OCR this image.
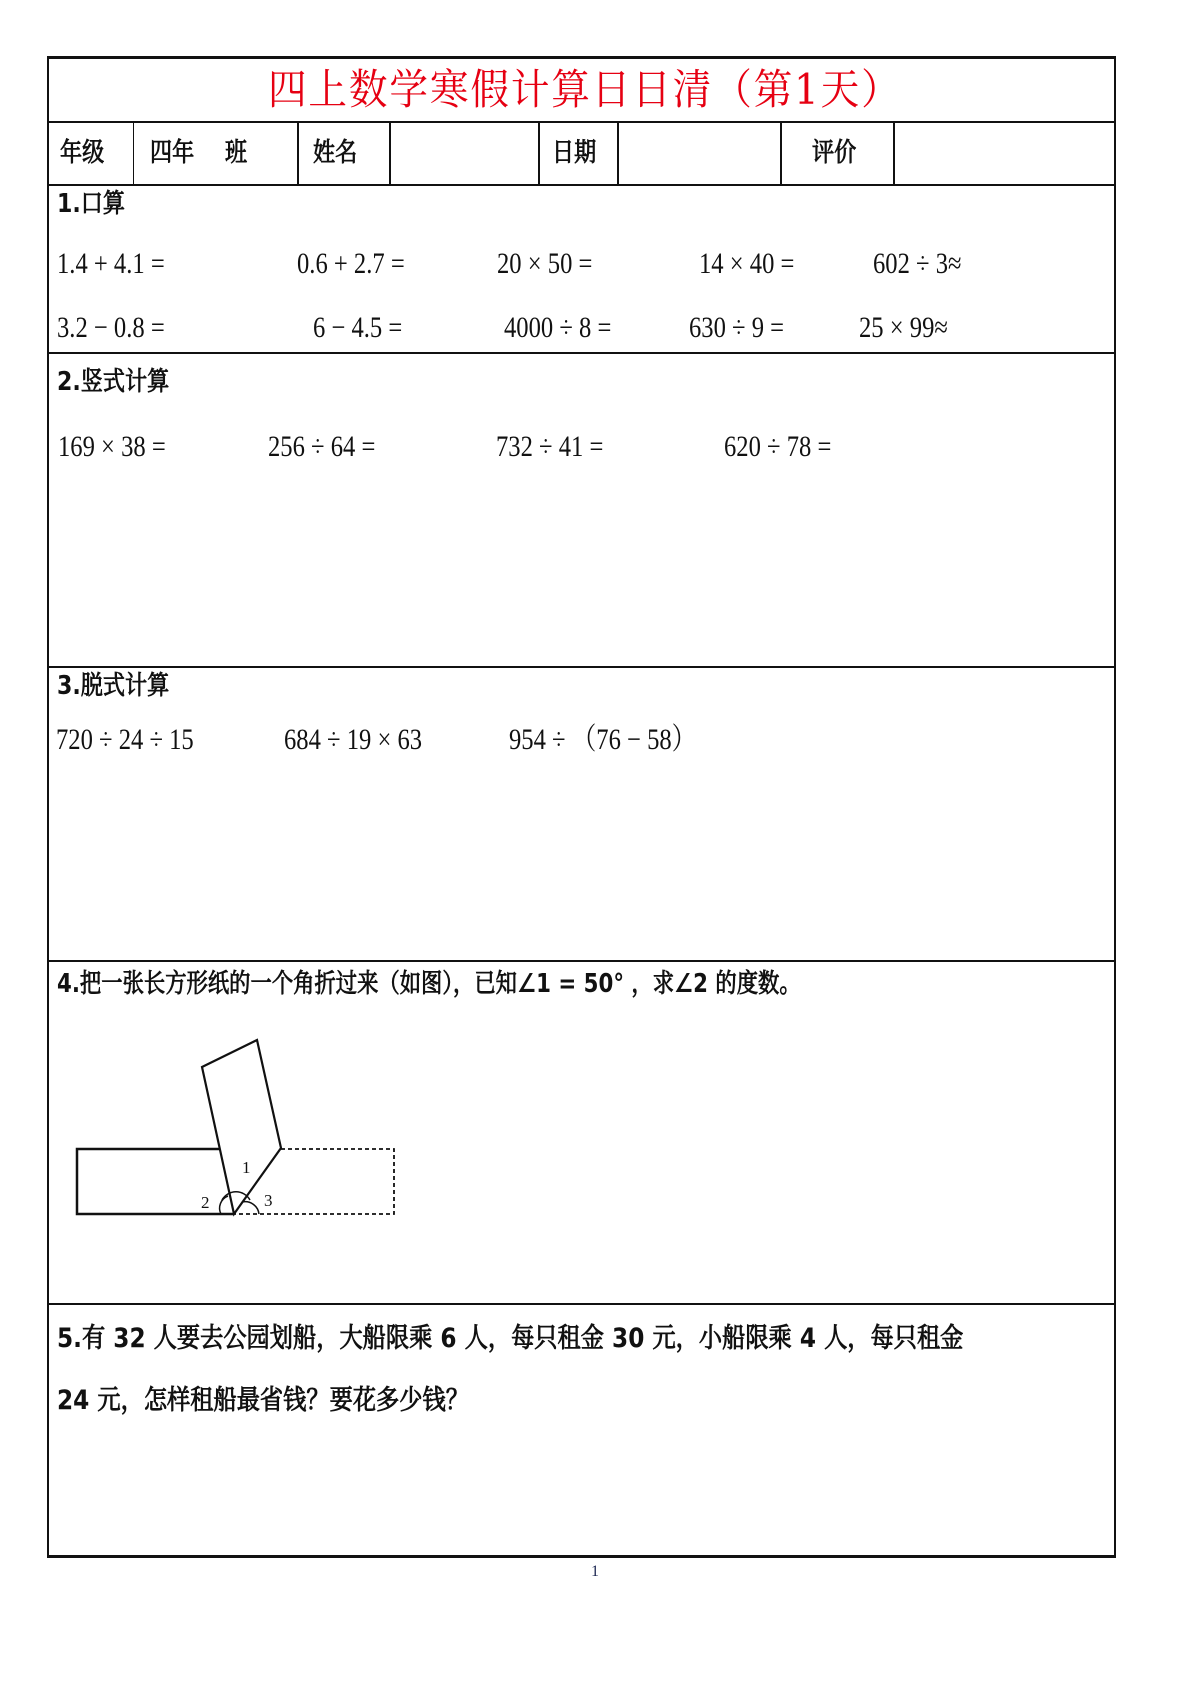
四上数学寒假计算日日清（第1天）
年级 四年    班	姓名	日期	评价
1.口算
1.4 + 4.1 =	0.6 + 2.7 =	20 × 50 =	14 × 40 =	602 ÷ 3≈
3.2 − 0.8 =	6 − 4.5 =	4000 ÷ 8 =	630 ÷ 9 = 25 × 99≈
2.竖式计算
169 × 38 =	256 ÷ 64 =	732 ÷ 41 =	620 ÷ 78 =
3.脱式计算
720 ÷ 24 ÷ 15	684 ÷ 19 × 63	954 ÷ （76 − 58）
4.把一张长方形纸的一个角折过来（如图），已知∠1 = 50° ，求∠2 的度数。
1
2	3
5.有 32 人要去公园划船，大船限乘 6 人，每只租金 30 元，小船限乘 4 人，每只租金
24 元，怎样租船最省钱？要花多少钱？
1
